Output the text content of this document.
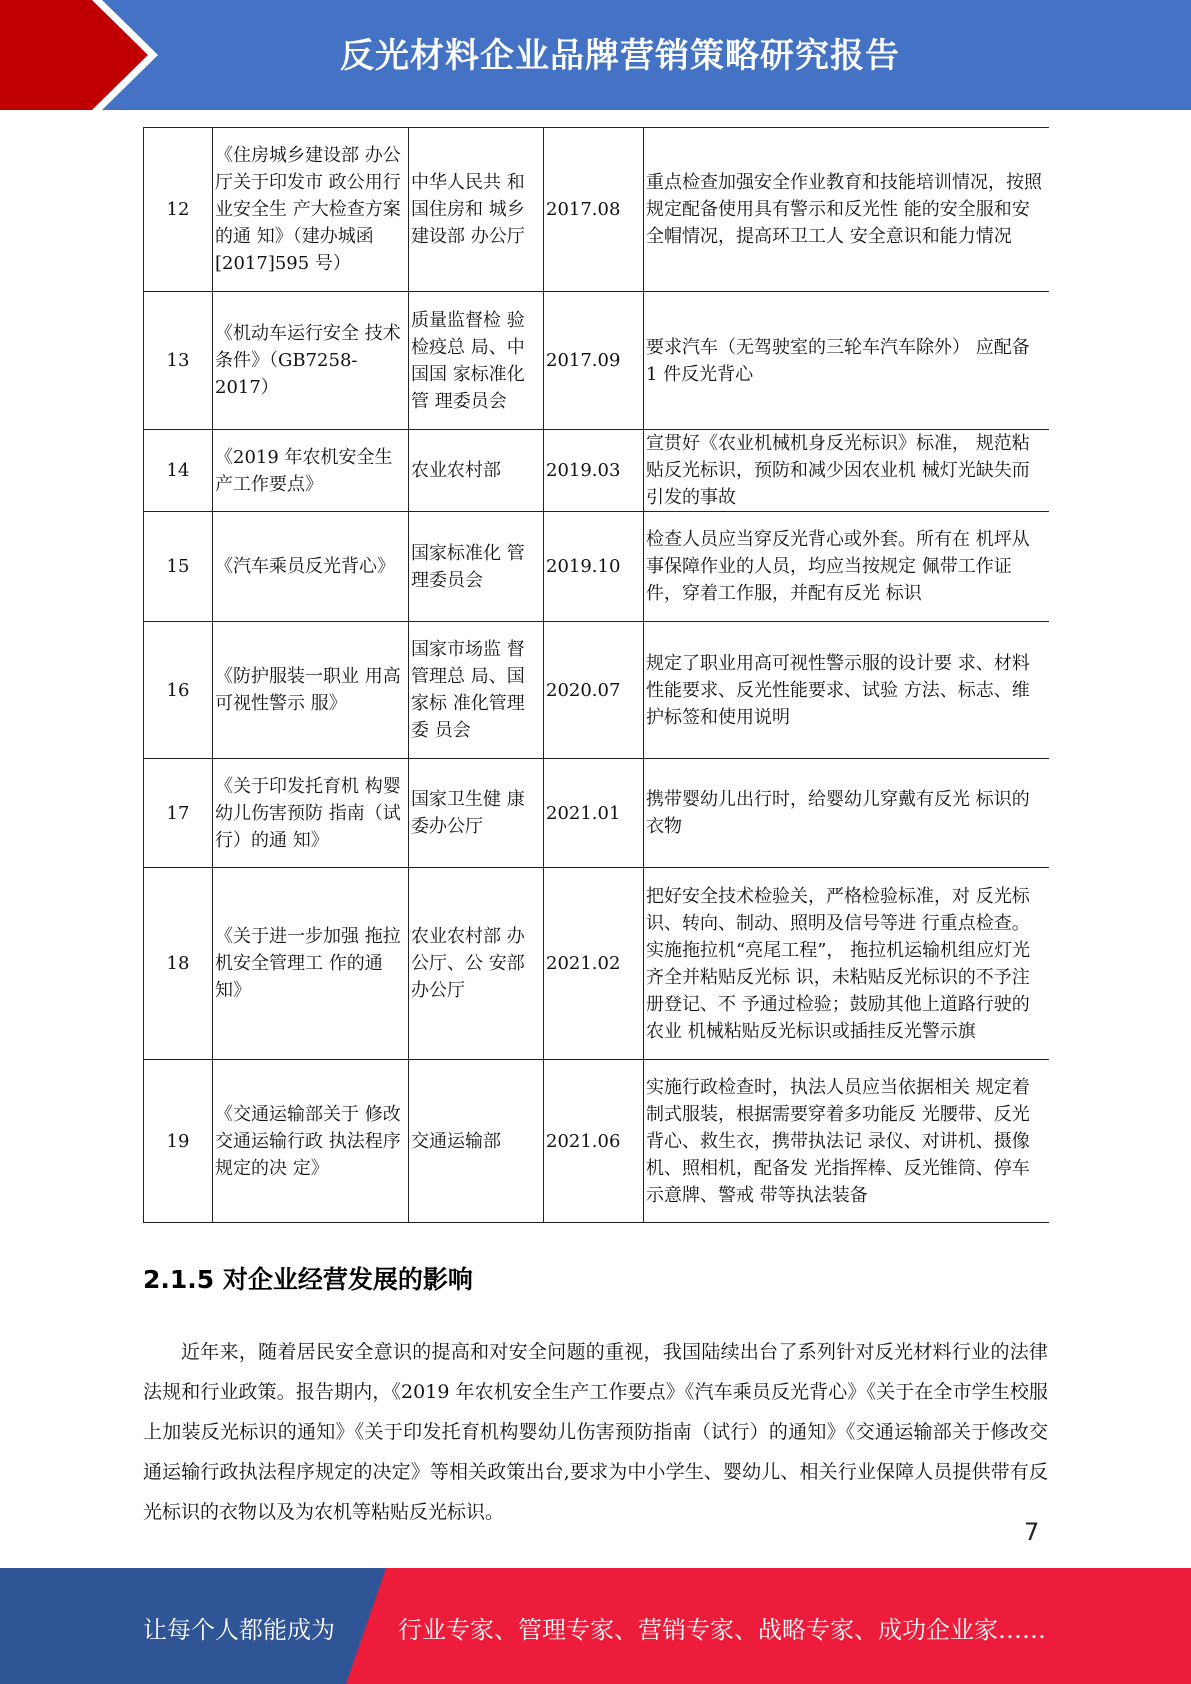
反光材料企业品牌营销策略研究报告
12	《住房城乡建设部 办公厅关于印发市 政公用行业安全生 产大检查方案的通 知》（建办城函 [2017]595 号）	中华人民共 和国住房和 城乡建设部 办公厅	2017.08	重点检查加强安全作业教育和技能培训情况，按照规定配备使用具有警示和反光性 能的安全服和安全帽情况，提高环卫工人 安全意识和能力情况
13	《机动车运行安全 技术条件》（GB7258-2017）	质量监督检 验检疫总 局、中国国 家标准化管 理委员会	2017.09	要求汽车（无驾驶室的三轮车汽车除外） 应配备 1 件反光背心
14	《2019 年农机安全生产工作要点》	农业农村部	2019.03	宣贯好《农业机械机身反光标识》标准， 规范粘贴反光标识，预防和减少因农业机 械灯光缺失而引发的事故
15	《汽车乘员反光背心》	国家标准化 管理委员会	2019.10	检查人员应当穿反光背心或外套。所有在 机坪从事保障作业的人员，均应当按规定 佩带工作证件，穿着工作服，并配有反光 标识
16	《防护服装一职业 用高可视性警示 服》	国家市场监 督管理总 局、国家标 准化管理委 员会	2020.07	规定了职业用高可视性警示服的设计要 求、材料性能要求、反光性能要求、试验 方法、标志、维护标签和使用说明
17	《关于印发托育机 构婴幼儿伤害预防 指南（试行）的通 知》	国家卫生健 康委办公厅	2021.01	携带婴幼儿出行时，给婴幼儿穿戴有反光 标识的衣物
18	《关于进一步加强 拖拉机安全管理工 作的通知》	农业农村部 办公厅、公 安部办公厅	2021.02	把好安全技术检验关，严格检验标准，对 反光标识、转向、制动、照明及信号等进 行重点检查。实施拖拉机“亮尾工程”， 拖拉机运输机组应灯光齐全并粘贴反光标 识，未粘贴反光标识的不予注册登记、不 予通过检验；鼓励其他上道路行驶的农业 机械粘贴反光标识或插挂反光警示旗
19	《交通运输部关于 修改交通运输行政 执法程序规定的决 定》	交通运输部	2021.06	实施行政检查时，执法人员应当依据相关 规定着制式服装，根据需要穿着多功能反 光腰带、反光背心、救生衣，携带执法记 录仪、对讲机、摄像机、照相机，配备发 光指挥棒、反光锥筒、停车示意牌、警戒 带等执法装备
2.1.5 对企业经营发展的影响
近年来，随着居民安全意识的提高和对安全问题的重视，我国陆续出台了系列针对反光材料行业的法律法规和行业政策。报告期内，《2019 年农机安全生产工作要点》《汽车乘员反光背心》《关于在全市学生校服上加装反光标识的通知》《关于印发托育机构婴幼儿伤害预防指南（试行）的通知》《交通运输部关于修改交通运输行政执法程序规定的决定》等相关政策出台,要求为中小学生、婴幼儿、相关行业保障人员提供带有反光标识的衣物以及为农机等粘贴反光标识。
7
让每个人都能成为	行业专家、管理专家、营销专家、战略专家、成功企业家……
